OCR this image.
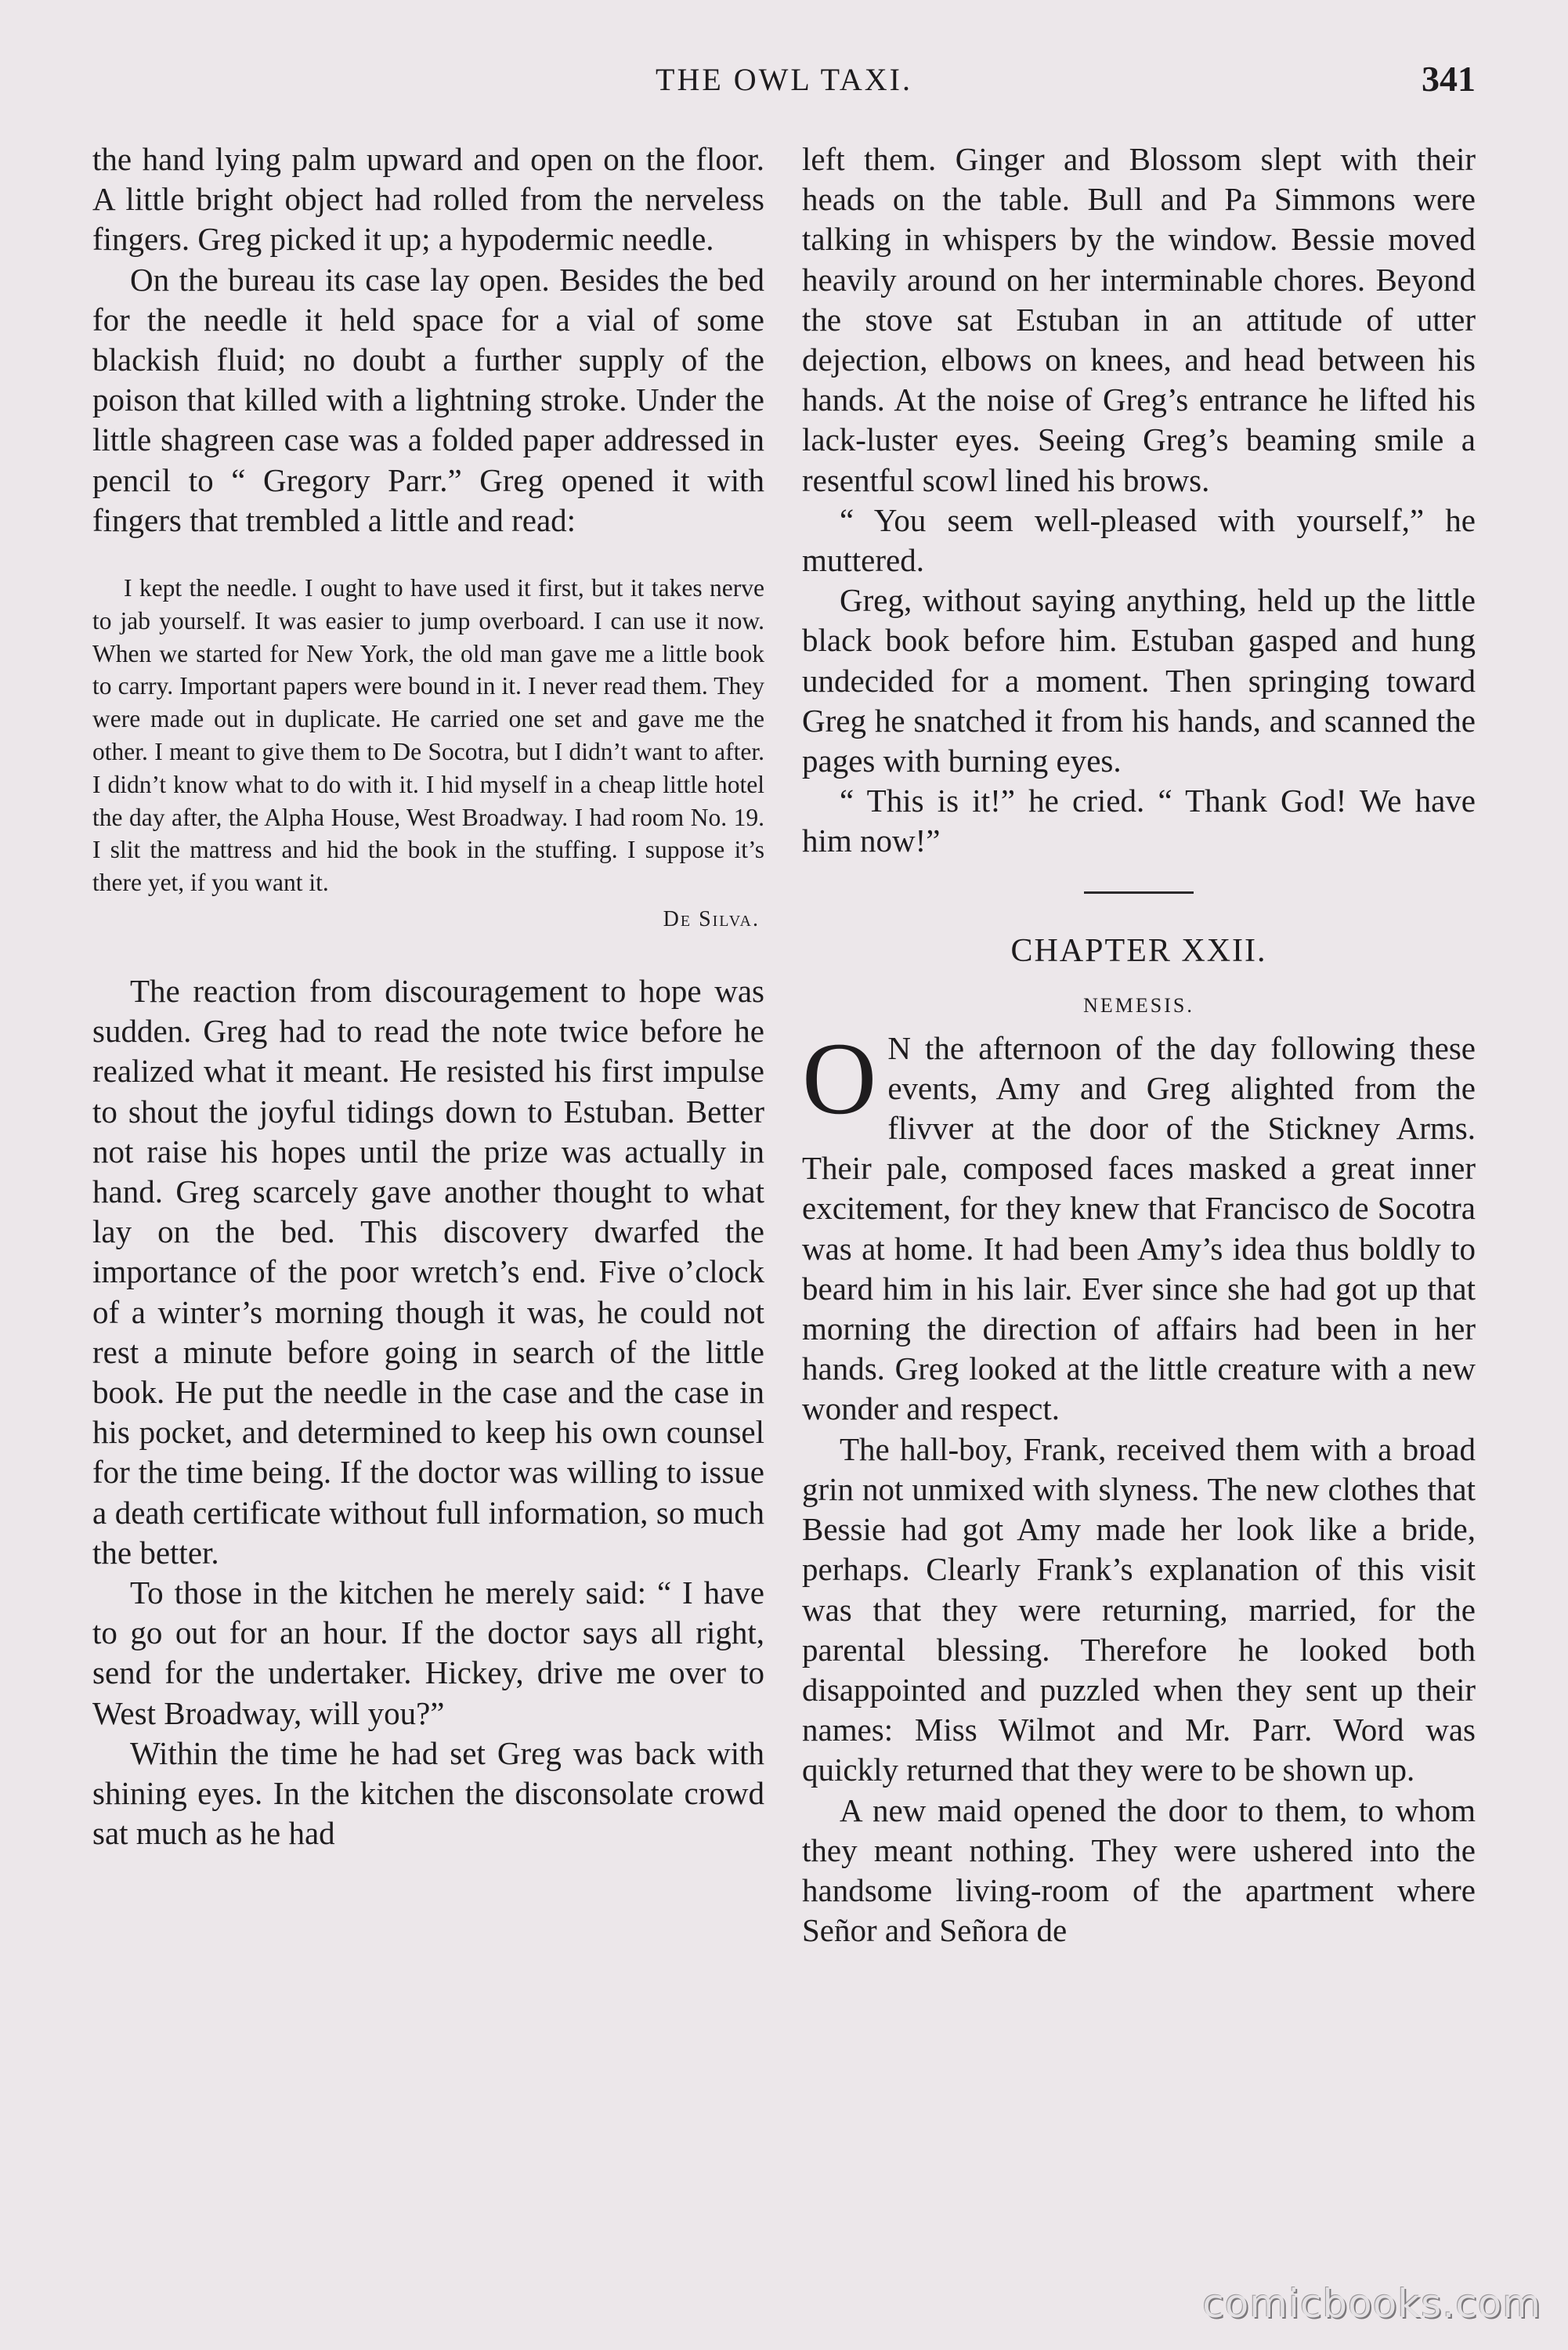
THE OWL TAXI.	341

the hand lying palm upward and open on the floor. A little bright object had rolled from the nerveless fingers. Greg picked it up; a hypodermic needle.

On the bureau its case lay open. Besides the bed for the needle it held space for a vial of some blackish fluid; no doubt a further supply of the poison that killed with a lightning stroke. Under the little shagreen case was a folded paper addressed in pencil to “ Gregory Parr.” Greg opened it with fingers that trembled a little and read:

I kept the needle. I ought to have used it first, but it takes nerve to jab yourself. It was easier to jump overboard. I can use it now. When we started for New York, the old man gave me a little book to carry. Important papers were bound in it. I never read them. They were made out in duplicate. He carried one set and gave me the other. I meant to give them to De Socotra, but I didn’t want to after. I didn’t know what to do with it. I hid myself in a cheap little hotel the day after, the Alpha House, West Broadway. I had room No. 19. I slit the mattress and hid the book in the stuffing. I suppose it’s there yet, if you want it.

De Silva.

The reaction from discouragement to hope was sudden. Greg had to read the note twice before he realized what it meant. He resisted his first impulse to shout the joyful tidings down to Estuban. Better not raise his hopes until the prize was actually in hand. Greg scarcely gave another thought to what lay on the bed. This discovery dwarfed the importance of the poor wretch’s end. Five o’clock of a winter’s morning though it was, he could not rest a minute before going in search of the little book. He put the needle in the case and the case in his pocket, and determined to keep his own counsel for the time being. If the doctor was willing to issue a death certificate without full information, so much the better.

To those in the kitchen he merely said: “ I have to go out for an hour. If the doctor says all right, send for the undertaker. Hickey, drive me over to West Broadway, will you?”

Within the time he had set Greg was back with shining eyes. In the kitchen the disconsolate crowd sat much as he had

left them. Ginger and Blossom slept with their heads on the table. Bull and Pa Simmons were talking in whispers by the window. Bessie moved heavily around on her interminable chores. Beyond the stove sat Estuban in an attitude of utter dejection, elbows on knees, and head between his hands. At the noise of Greg’s entrance he lifted his lack-luster eyes. Seeing Greg’s beaming smile a resentful scowl lined his brows.

“ You seem well-pleased with yourself,” he muttered.

Greg, without saying anything, held up the little black book before him. Estuban gasped and hung undecided for a moment. Then springing toward Greg he snatched it from his hands, and scanned the pages with burning eyes.

“ This is it!” he cried. “ Thank God! We have him now!”

CHAPTER XXII.
NEMESIS.

O N the afternoon of the day following these events, Amy and Greg alighted from the flivver at the door of the Stickney Arms. Their pale, composed faces masked a great inner excitement, for they knew that Francisco de Socotra was at home. It had been Amy’s idea thus boldly to beard him in his lair. Ever since she had got up that morning the direction of affairs had been in her hands. Greg looked at the little creature with a new wonder and respect.

The hall-boy, Frank, received them with a broad grin not unmixed with slyness. The new clothes that Bessie had got Amy made her look like a bride, perhaps. Clearly Frank’s explanation of this visit was that they were returning, married, for the parental blessing. Therefore he looked both disappointed and puzzled when they sent up their names: Miss Wilmot and Mr. Parr. Word was quickly returned that they were to be shown up.

A new maid opened the door to them, to whom they meant nothing. They were ushered into the handsome living-room of the apartment where Señor and Señora de

comicbooks.com
